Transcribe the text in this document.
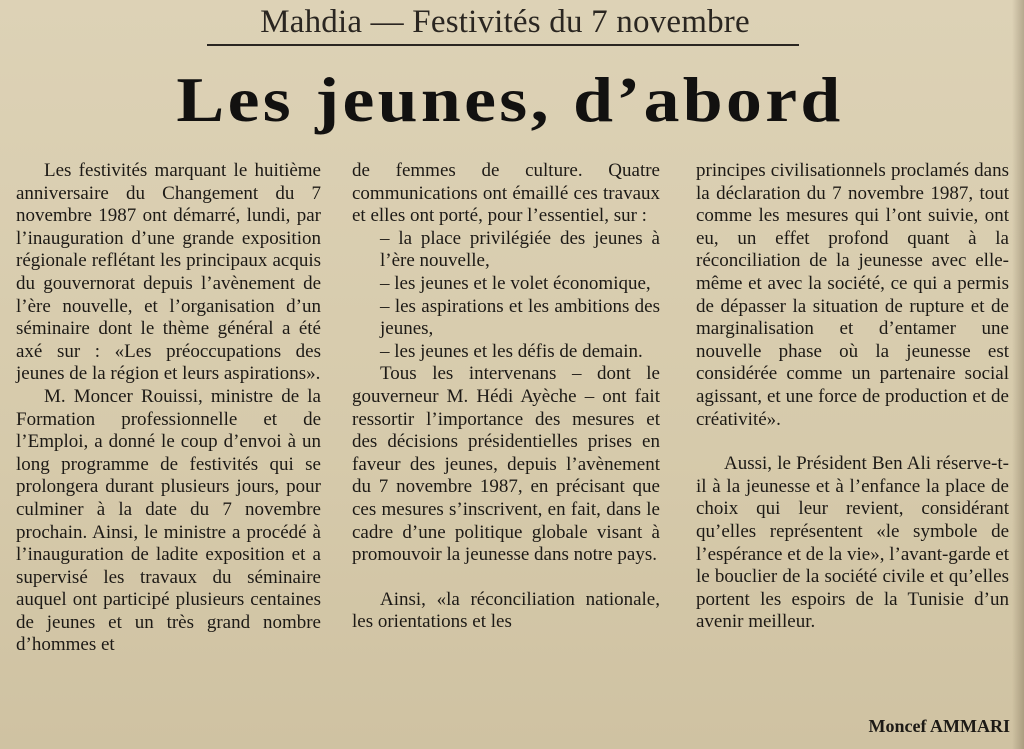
Mahdia — Festivités du 7 novembre
Les jeunes, d’abord

Les festivités marquant le huitième anniversaire du Changement du 7 novembre 1987 ont démarré, lundi, par l’inauguration d’une grande exposition régionale reflétant les principaux acquis du gouvernorat depuis l’avènement de l’ère nouvelle, et l’organisation d’un séminaire dont le thème général a été axé sur : «Les préoccupations des jeunes de la région et leurs aspirations».

M. Moncer Rouissi, ministre de la Formation professionnelle et de l’Emploi, a donné le coup d’envoi à un long programme de festivités qui se prolongera durant plusieurs jours, pour culminer à la date du 7 novembre prochain. Ainsi, le ministre a procédé à l’inauguration de ladite exposition et a supervisé les travaux du séminaire auquel ont participé plusieurs centaines de jeunes et un très grand nombre d’hommes et

de femmes de culture. Quatre communications ont émaillé ces travaux et elles ont porté, pour l’essentiel, sur :

– la place privilégiée des jeunes à l’ère nouvelle,

– les jeunes et le volet économique,

– les aspirations et les ambitions des jeunes,

– les jeunes et les défis de demain.

Tous les intervenans – dont le gouverneur M. Hédi Ayèche – ont fait ressortir l’importance des mesures et des décisions présidentielles prises en faveur des jeunes, depuis l’avènement du 7 novembre 1987, en précisant que ces mesures s’inscrivent, en fait, dans le cadre d’une politique globale visant à promouvoir la jeunesse dans notre pays.

Ainsi, «la réconciliation nationale, les orientations et les

principes civilisationnels proclamés dans la déclaration du 7 novembre 1987, tout comme les mesures qui l’ont suivie, ont eu, un effet profond quant à la réconciliation de la jeunesse avec elle-même et avec la société, ce qui a permis de dépasser la situation de rupture et de marginalisation et d’entamer une nouvelle phase où la jeunesse est considérée comme un partenaire social agissant, et une force de production et de créativité».

Aussi, le Président Ben Ali réserve-t-il à la jeunesse et à l’enfance la place de choix qui leur revient, considérant qu’elles représentent «le symbole de l’espérance et de la vie», l’avant-garde et le bouclier de la société civile et qu’elles portent les espoirs de la Tunisie d’un avenir meilleur.

Moncef AMMARI
